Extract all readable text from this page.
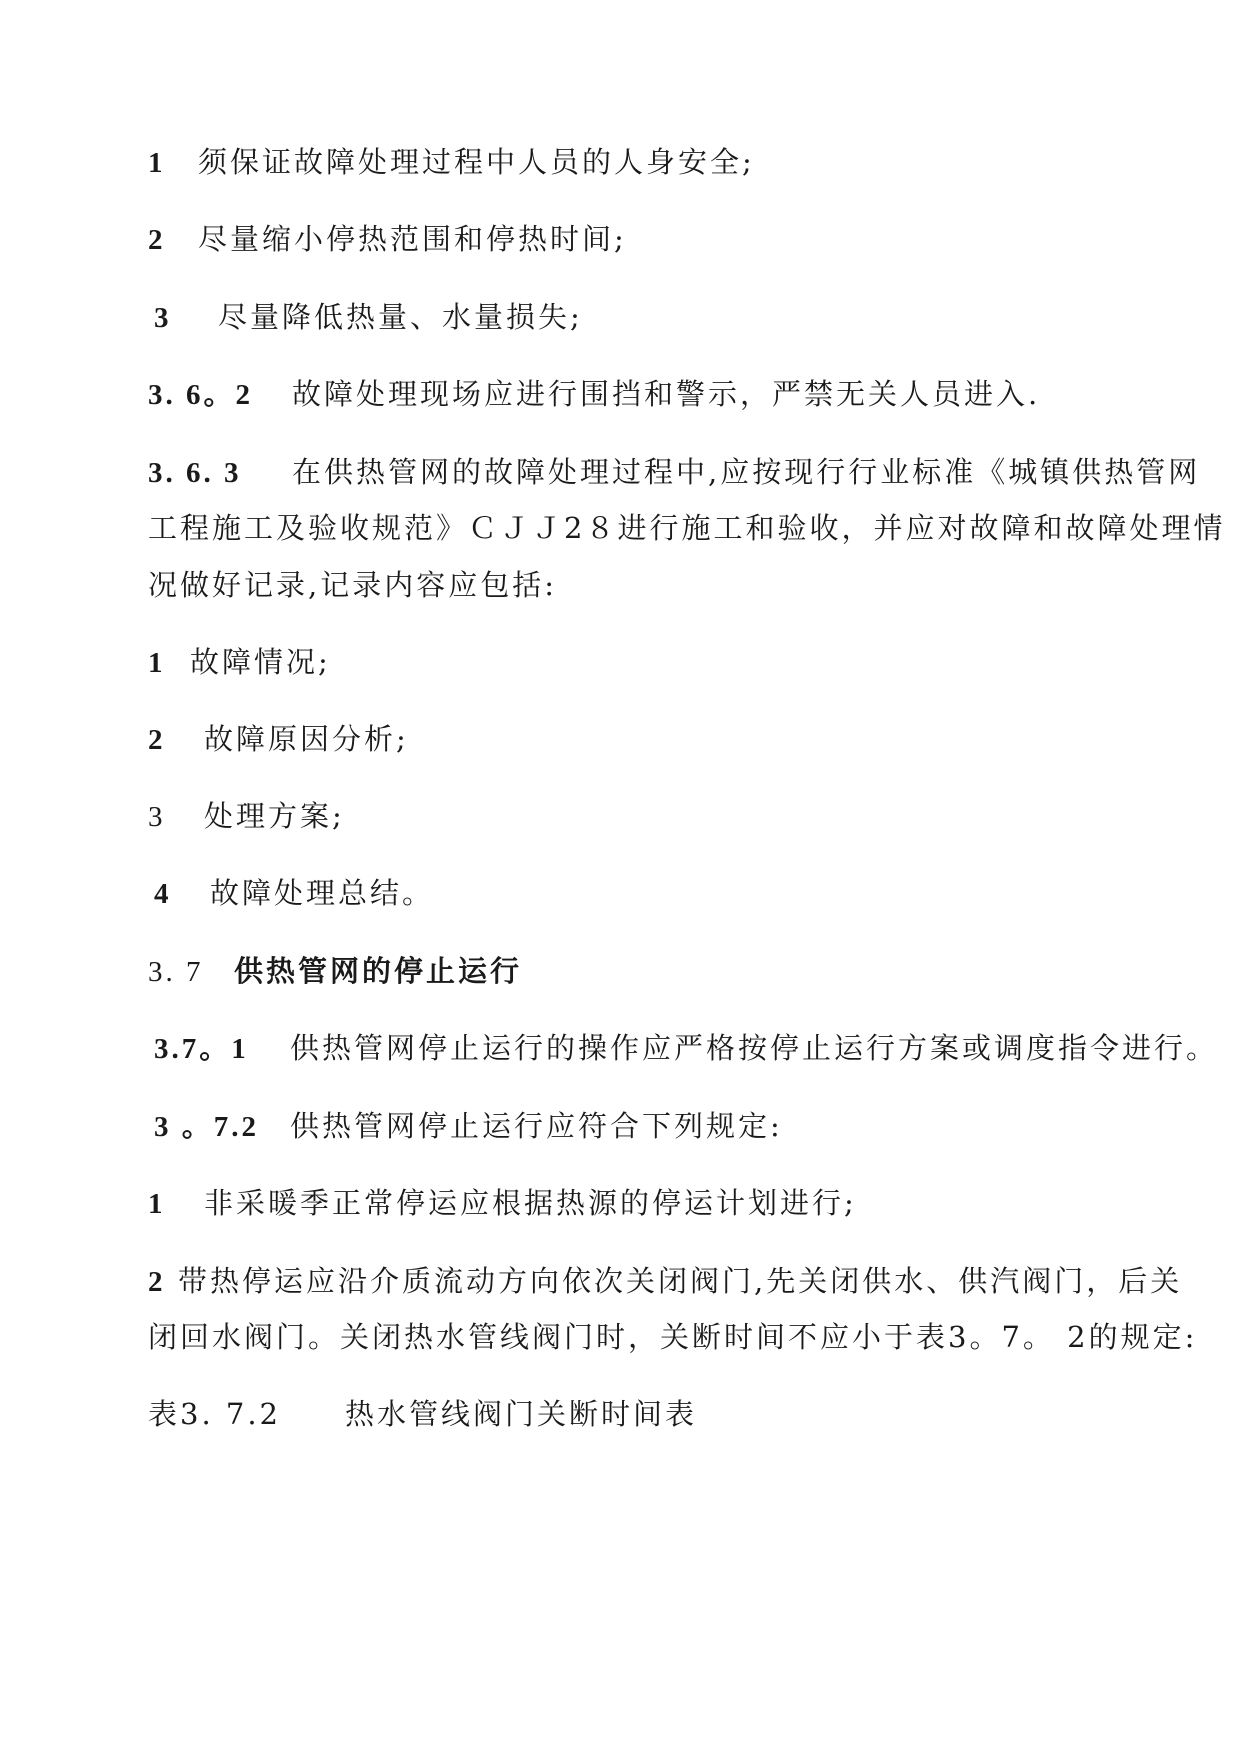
1 须保证故障处理过程中人员的人身安全;
2 尽量缩小停热范围和停热时间;
3 尽量降低热量、水量损失;
3. 6。2 故障处理现场应进行围挡和警示，严禁无关人员进入.
3. 6. 3 在供热管网的故障处理过程中,应按现行行业标准《城镇供热管网
工程施工及验收规范》ＣＪＪ2８进行施工和验收，并应对故障和故障处理情
况做好记录,记录内容应包括:
1 故障情况;
2 故障原因分析;
3 处理方案;
4 故障处理总结。
3. 7 供热管网的停止运行
3.7。1 供热管网停止运行的操作应严格按停止运行方案或调度指令进行。
3 。7.2 供热管网停止运行应符合下列规定:
1 非采暖季正常停运应根据热源的停运计划进行;
2 带热停运应沿介质流动方向依次关闭阀门,先关闭供水、供汽阀门，后关
闭回水阀门。关闭热水管线阀门时，关断时间不应小于表3。7。 2的规定:
表3. 7.2　　热水管线阀门关断时间表
